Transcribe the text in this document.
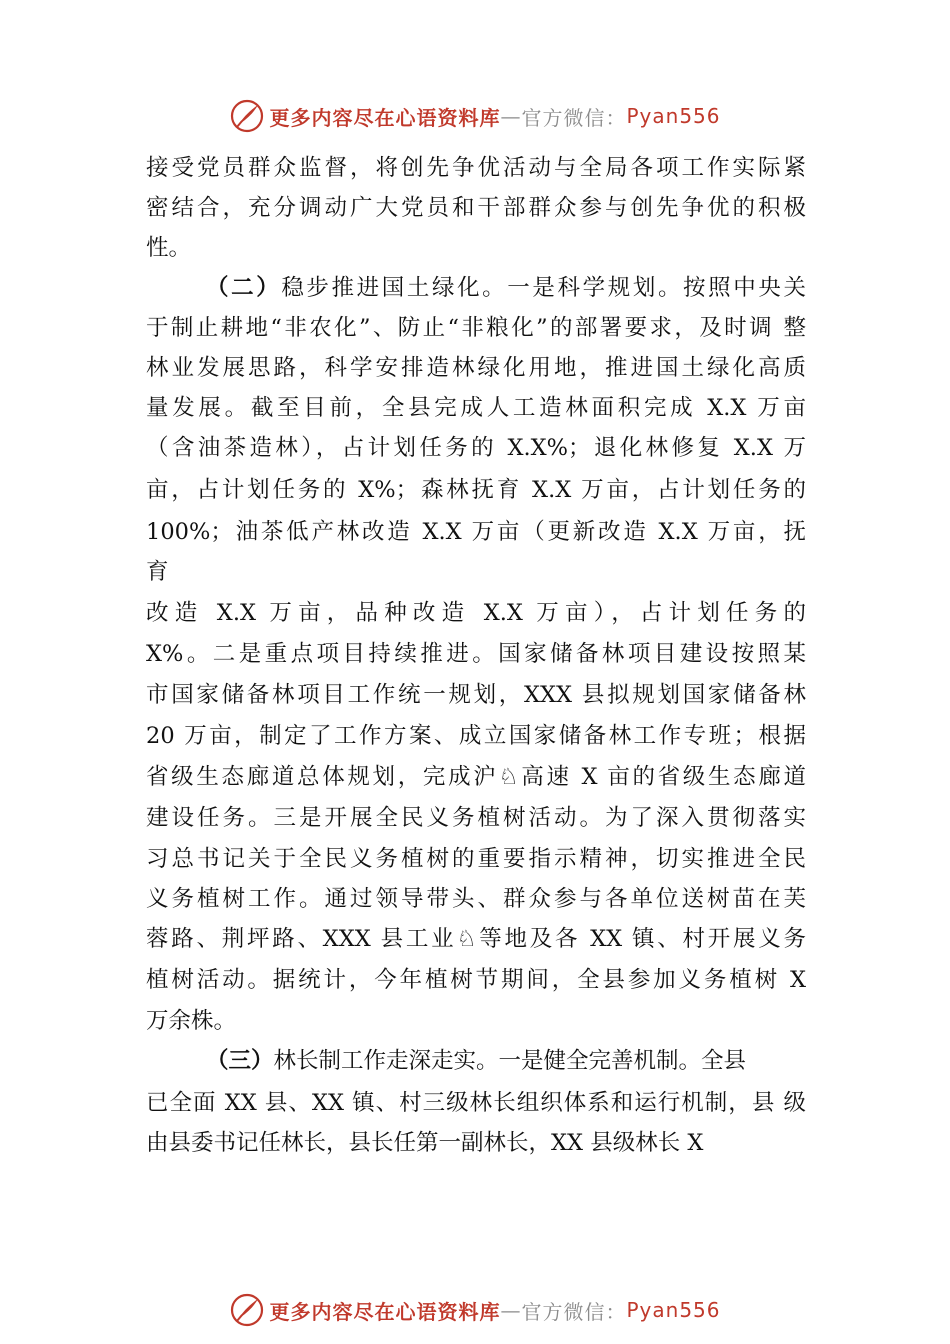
更多内容尽在心语资料库 — 官方微信： Pyan556
接受党员群众监督，将创先争优活动与全局各项工作实际紧
密结合，充分调动广大党员和干部群众参与创先争优的积极
性。
（二）稳步推进国土绿化。一是科学规划。按照中央关
于制止耕地“非农化”、防止“非粮化”的部署要求，及时调 整
林业发展思路，科学安排造林绿化用地，推进国土绿化高质
量发展。截至目前，全县完成人工造林面积完成 X.X 万亩
（含油茶造林），占计划任务的 X.X%；退化林修复 X.X 万
亩，占计划任务的 X%；森林抚育 X.X 万亩，占计划任务的
100%；油茶低产林改造 X.X 万亩（更新改造 X.X 万亩，抚
育
改造 X.X 万亩，品种改造 X.X 万亩），占计划任务的
X%。二是重点项目持续推进。国家储备林项目建设按照某
市国家储备林项目工作统一规划，XXX 县拟规划国家储备林
20 万亩，制定了工作方案、成立国家储备林工作专班；根据
省级生态廊道总体规划，完成沪♘高速 X 亩的省级生态廊道
建设任务。三是开展全民义务植树活动。为了深入贯彻落实
习总书记关于全民义务植树的重要指示精神，切实推进全民
义务植树工作。通过领导带头、群众参与各单位送树苗在芙
蓉路、荆坪路、XXX 县工业♘等地及各 XX 镇、村开展义务
植树活动。据统计，今年植树节期间，全县参加义务植树 X
万余株。
（三）林长制工作走深走实。一是健全完善机制。全县
已全面 XX 县、XX 镇、村三级林长组织体系和运行机制，县 级
由县委书记任林长，县长任第一副林长，XX 县级林长 X
更多内容尽在心语资料库 — 官方微信： Pyan556
